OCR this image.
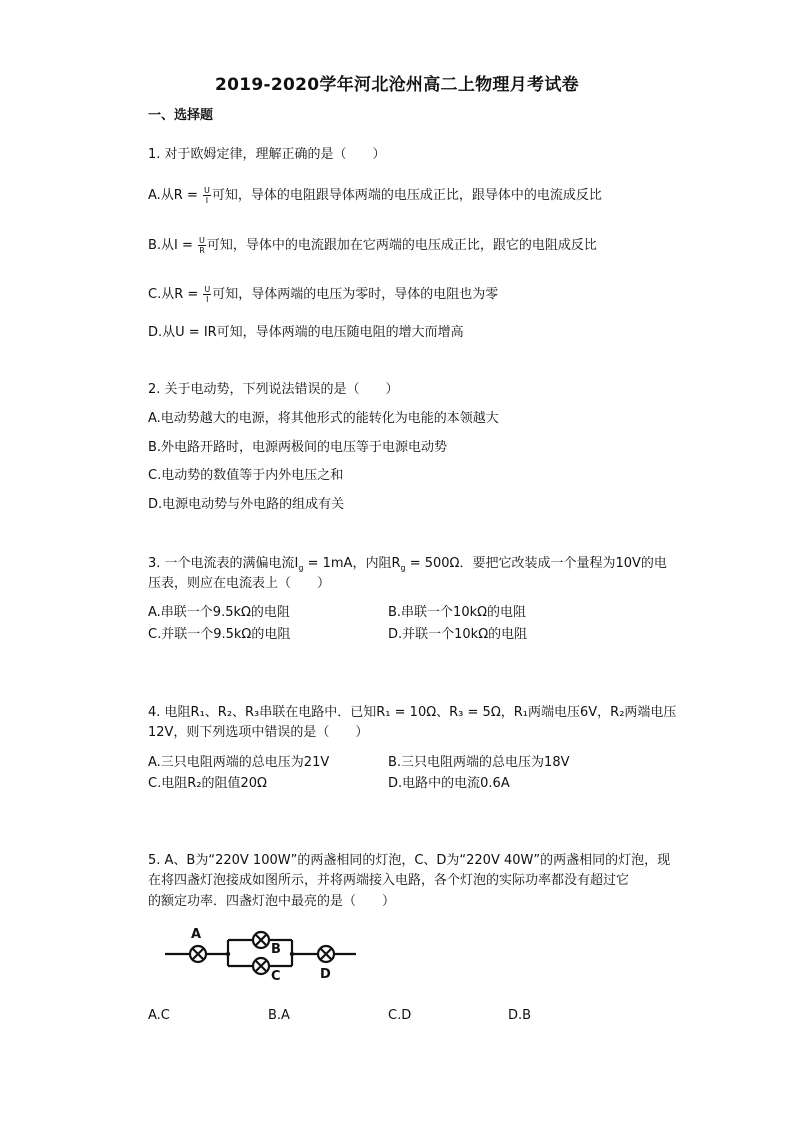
2019-2020学年河北沧州高二上物理月考试卷
一、选择题
1. 对于欧姆定律，理解正确的是（　　）
A.从$R = \frac{U}{I}$ 可知，导体的电阻跟导体两端的电压成正比，跟导体中的电流成反比
B.从$I = \frac{U}{R}$ 可知，导体中的电流跟加在它两端的电压成正比，跟它的电阻成反比
C.从$R = \frac{U}{I}$ 可知，导体两端的电压为零时，导体的电阻也为零
D.从U = IR可知，导体两端的电压随电阻的增大而增高
2. 关于电动势，下列说法错误的是（　　）
A.电动势越大的电源，将其他形式的能转化为电能的本领越大
B.外电路开路时，电源两极间的电压等于电源电动势
C.电动势的数值等于内外电压之和
D.电源电动势与外电路的组成有关
3. 一个电流表的满偏电流$I_g = 1mA$，内阻$R_g = 500\Omega$．要把它改装成一个量程为10V的电
压表，则应在电流表上（　　）
A.串联一个9.5kΩ的电阻	B.串联一个10kΩ的电阻
C.并联一个9.5kΩ的电阻	D.并联一个10kΩ的电阻
4. 电阻R₁、R₂、R₃串联在电路中．已知R₁ = 10Ω、R₃ = 5Ω，R₁两端电压6V，R₂两端电压
12V，则下列选项中错误的是（　　）
A.三只电阻两端的总电压为21V	B.三只电阻两端的总电压为18V
C.电阻R₂的阻值20Ω	D.电路中的电流0.6A
5. A、B为“220V 100W”的两盏相同的灯泡，C、D为“220V 40W”的两盏相同的灯泡，现
在将四盏灯泡接成如图所示，并将两端接入电路，各个灯泡的实际功率都没有超过它
的额定功率．四盏灯泡中最亮的是（　　）
A
B
C	D
A.C	B.A	C.D	D.B
